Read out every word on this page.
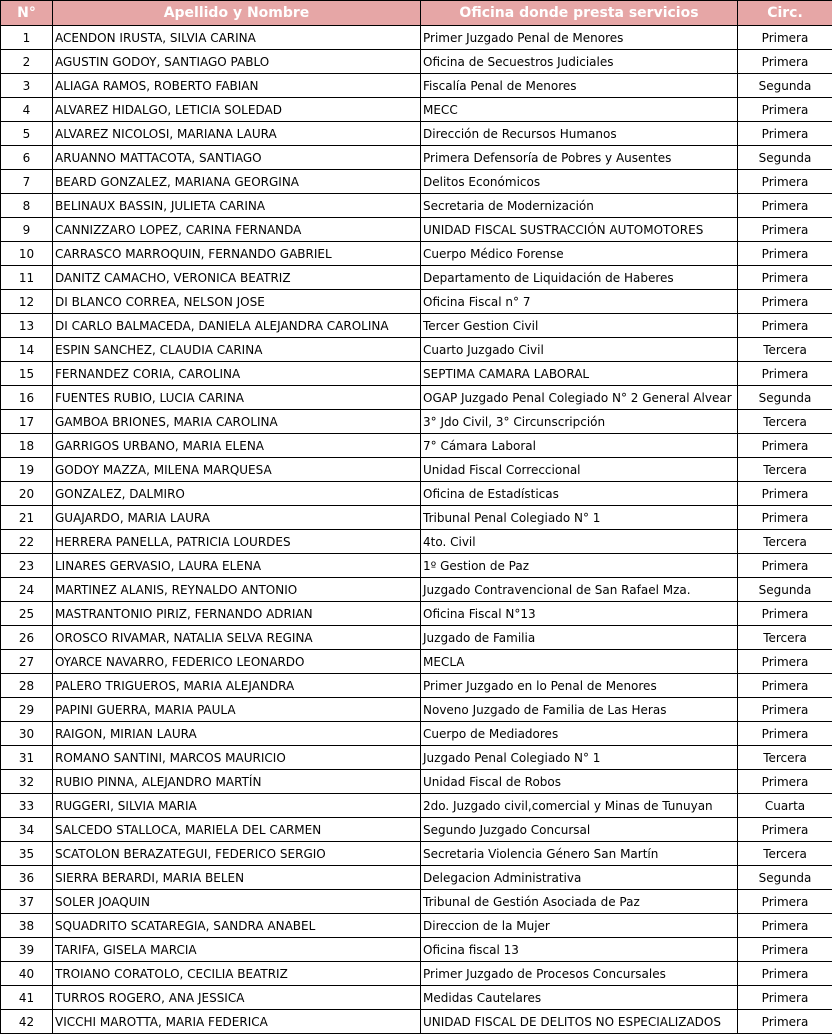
N°	Apellido y Nombre	Oficina donde presta servicios	Circ.
1	ACENDON IRUSTA, SILVIA CARINA	Primer Juzgado Penal de Menores	Primera
2	AGUSTIN GODOY, SANTIAGO PABLO	Oficina de Secuestros Judiciales	Primera
3	ALIAGA RAMOS, ROBERTO FABIAN	Fiscalía Penal de Menores	Segunda
4	ALVAREZ HIDALGO, LETICIA SOLEDAD	MECC	Primera
5	ALVAREZ NICOLOSI, MARIANA LAURA	Dirección de Recursos Humanos	Primera
6	ARUANNO MATTACOTA, SANTIAGO	Primera Defensoría de Pobres y Ausentes	Segunda
7	BEARD GONZALEZ, MARIANA GEORGINA	Delitos Económicos	Primera
8	BELINAUX BASSIN, JULIETA CARINA	Secretaria de Modernización	Primera
9	CANNIZZARO LOPEZ, CARINA FERNANDA	UNIDAD FISCAL SUSTRACCIÓN AUTOMOTORES	Primera
10	CARRASCO MARROQUIN, FERNANDO GABRIEL	Cuerpo Médico Forense	Primera
11	DANITZ CAMACHO, VERONICA BEATRIZ	Departamento de Liquidación de Haberes	Primera
12	DI BLANCO CORREA, NELSON JOSE	Oficina Fiscal n° 7	Primera
13	DI CARLO BALMACEDA, DANIELA ALEJANDRA CAROLINA	Tercer Gestion Civil	Primera
14	ESPIN SANCHEZ, CLAUDIA CARINA	Cuarto Juzgado Civil	Tercera
15	FERNANDEZ CORIA, CAROLINA	SEPTIMA CAMARA LABORAL	Primera
16	FUENTES RUBIO, LUCIA CARINA	OGAP Juzgado Penal Colegiado N° 2 General Alvear	Segunda
17	GAMBOA BRIONES, MARIA CAROLINA	3° Jdo Civil, 3° Circunscripción	Tercera
18	GARRIGOS URBANO, MARIA ELENA	7° Cámara Laboral	Primera
19	GODOY MAZZA, MILENA MARQUESA	Unidad Fiscal Correccional	Tercera
20	GONZALEZ, DALMIRO	Oficina de Estadísticas	Primera
21	GUAJARDO, MARIA LAURA	Tribunal Penal Colegiado N° 1	Primera
22	HERRERA PANELLA, PATRICIA LOURDES	4to. Civil	Tercera
23	LINARES GERVASIO, LAURA ELENA	1º Gestion de Paz	Primera
24	MARTINEZ ALANIS, REYNALDO ANTONIO	Juzgado Contravencional de San Rafael Mza.	Segunda
25	MASTRANTONIO PIRIZ, FERNANDO ADRIAN	Oficina Fiscal N°13	Primera
26	OROSCO RIVAMAR, NATALIA SELVA REGINA	Juzgado de Familia	Tercera
27	OYARCE NAVARRO, FEDERICO LEONARDO	MECLA	Primera
28	PALERO TRIGUEROS, MARIA ALEJANDRA	Primer Juzgado en lo Penal de Menores	Primera
29	PAPINI GUERRA, MARIA PAULA	Noveno Juzgado de Familia de Las Heras	Primera
30	RAIGON, MIRIAN LAURA	Cuerpo de Mediadores	Primera
31	ROMANO SANTINI, MARCOS MAURICIO	Juzgado Penal Colegiado N° 1	Tercera
32	RUBIO PINNA, ALEJANDRO MARTÍN	Unidad Fiscal de Robos	Primera
33	RUGGERI, SILVIA MARIA	2do. Juzgado civil,comercial y Minas de Tunuyan	Cuarta
34	SALCEDO STALLOCA, MARIELA DEL CARMEN	Segundo Juzgado Concursal	Primera
35	SCATOLON BERAZATEGUI, FEDERICO SERGIO	Secretaria Violencia Género San Martín	Tercera
36	SIERRA BERARDI, MARIA BELEN	Delegacion Administrativa	Segunda
37	SOLER JOAQUIN	Tribunal de Gestión Asociada de Paz	Primera
38	SQUADRITO SCATAREGIA, SANDRA ANABEL	Direccion de la Mujer	Primera
39	TARIFA, GISELA MARCIA	Oficina fiscal 13	Primera
40	TROIANO CORATOLO, CECILIA BEATRIZ	Primer Juzgado de Procesos Concursales	Primera
41	TURROS ROGERO, ANA JESSICA	Medidas Cautelares	Primera
42	VICCHI MAROTTA, MARIA FEDERICA	UNIDAD FISCAL DE DELITOS NO ESPECIALIZADOS	Primera
